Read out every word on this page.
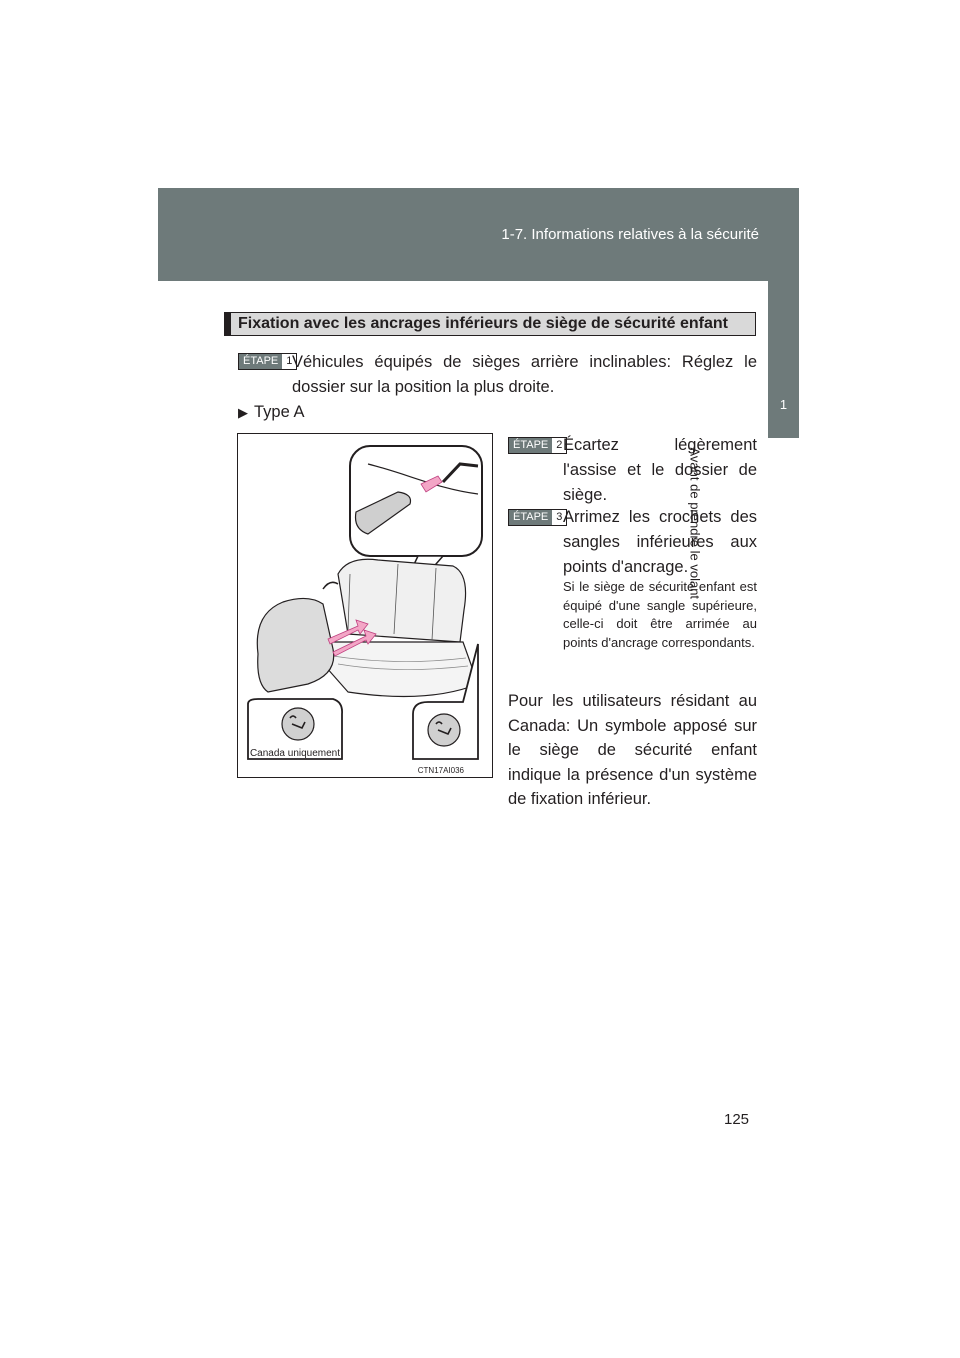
1-7. Informations relatives à la sécurité
1
Avant de prendre le volant
Fixation avec les ancrages inférieurs de siège de sécurité enfant
ÉTAPE 1 Véhicules équipés de sièges arrière inclinables: Réglez le dossier sur la position la plus droite.
▶ Type A
Canada uniquement
CTN17AI036
ÉTAPE 2 Écartez légèrement l'assise et le dossier de siège.
ÉTAPE 3 Arrimez les crochets des sangles inférieures aux points d'ancrage.
Si le siège de sécurité enfant est équipé d'une sangle supérieure, celle-ci doit être arrimée au points d'ancrage correspondants.
Pour les utilisateurs résidant au Canada: Un symbole apposé sur le siège de sécurité enfant indique la présence d'un système de fixation inférieur.
125
